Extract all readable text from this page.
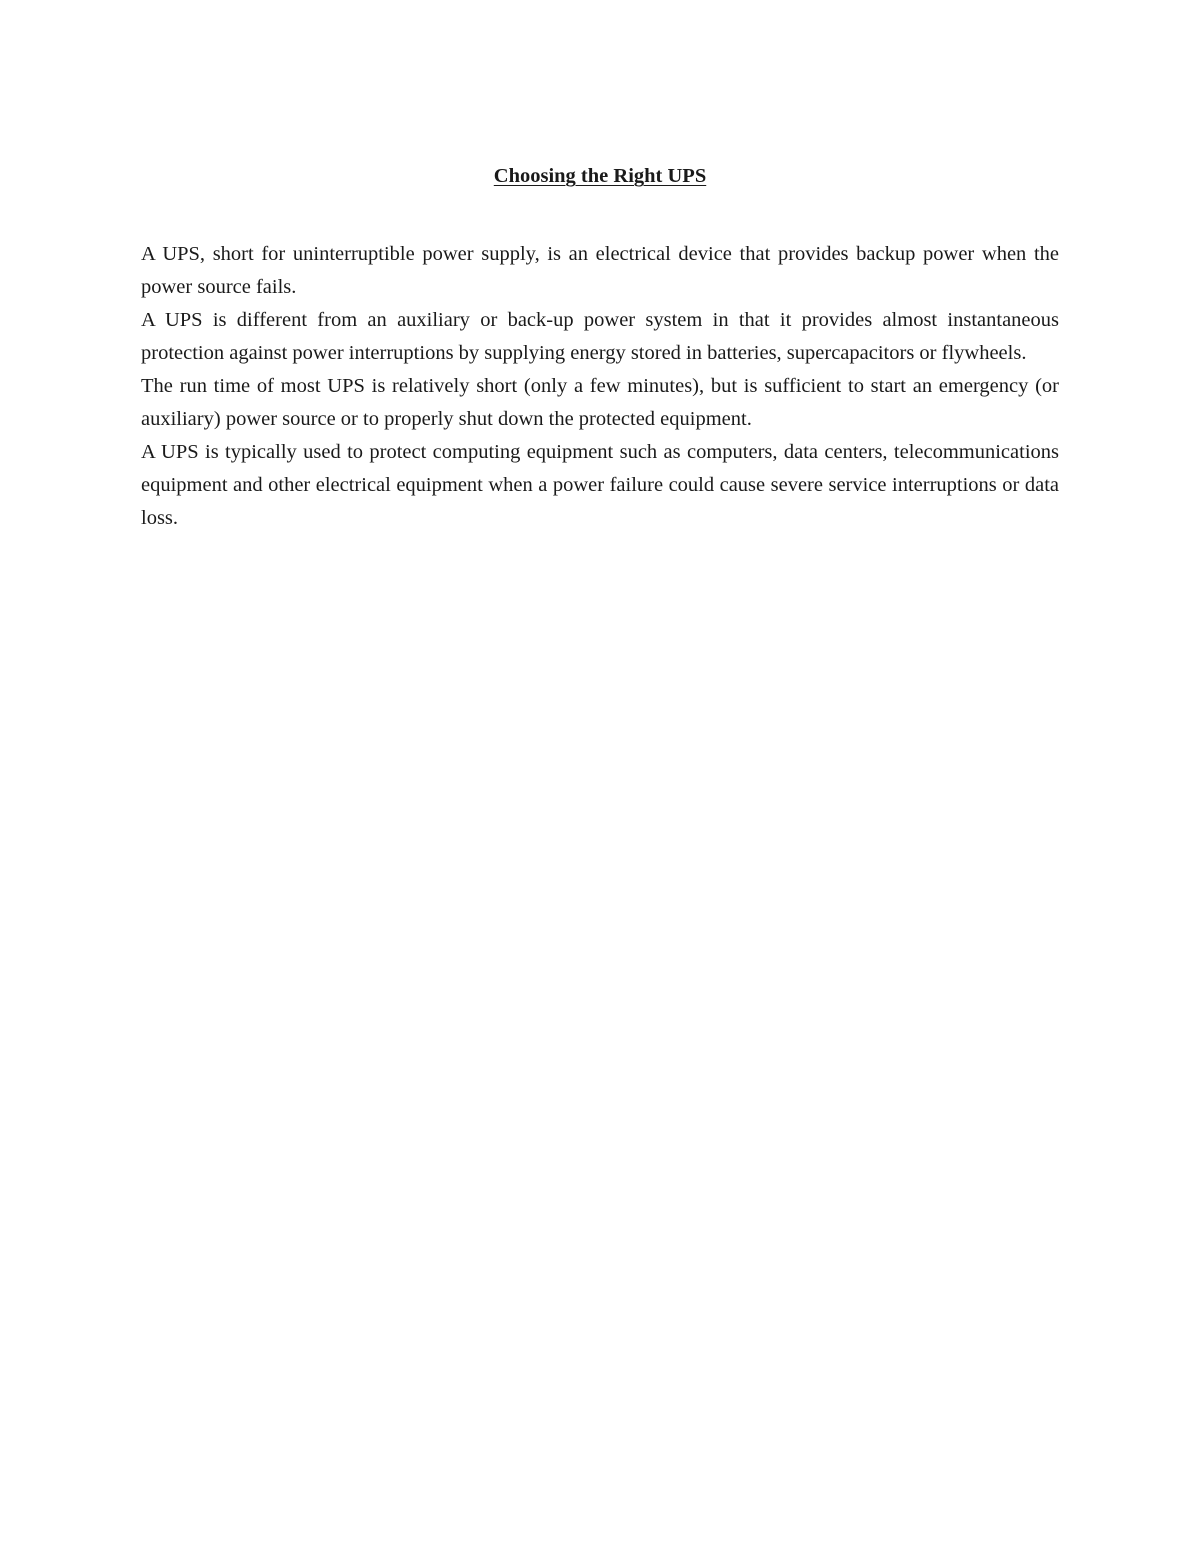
Choosing the Right UPS

A UPS, short for uninterruptible power supply, is an electrical device that provides backup power when the power source fails.

A UPS is different from an auxiliary or back-up power system in that it provides almost instantaneous protection against power interruptions by supplying energy stored in batteries, supercapacitors or flywheels.

The run time of most UPS is relatively short (only a few minutes), but is sufficient to start an emergency (or auxiliary) power source or to properly shut down the protected equipment.

A UPS is typically used to protect computing equipment such as computers, data centers, telecommunications equipment and other electrical equipment when a power failure could cause severe service interruptions or data loss.
